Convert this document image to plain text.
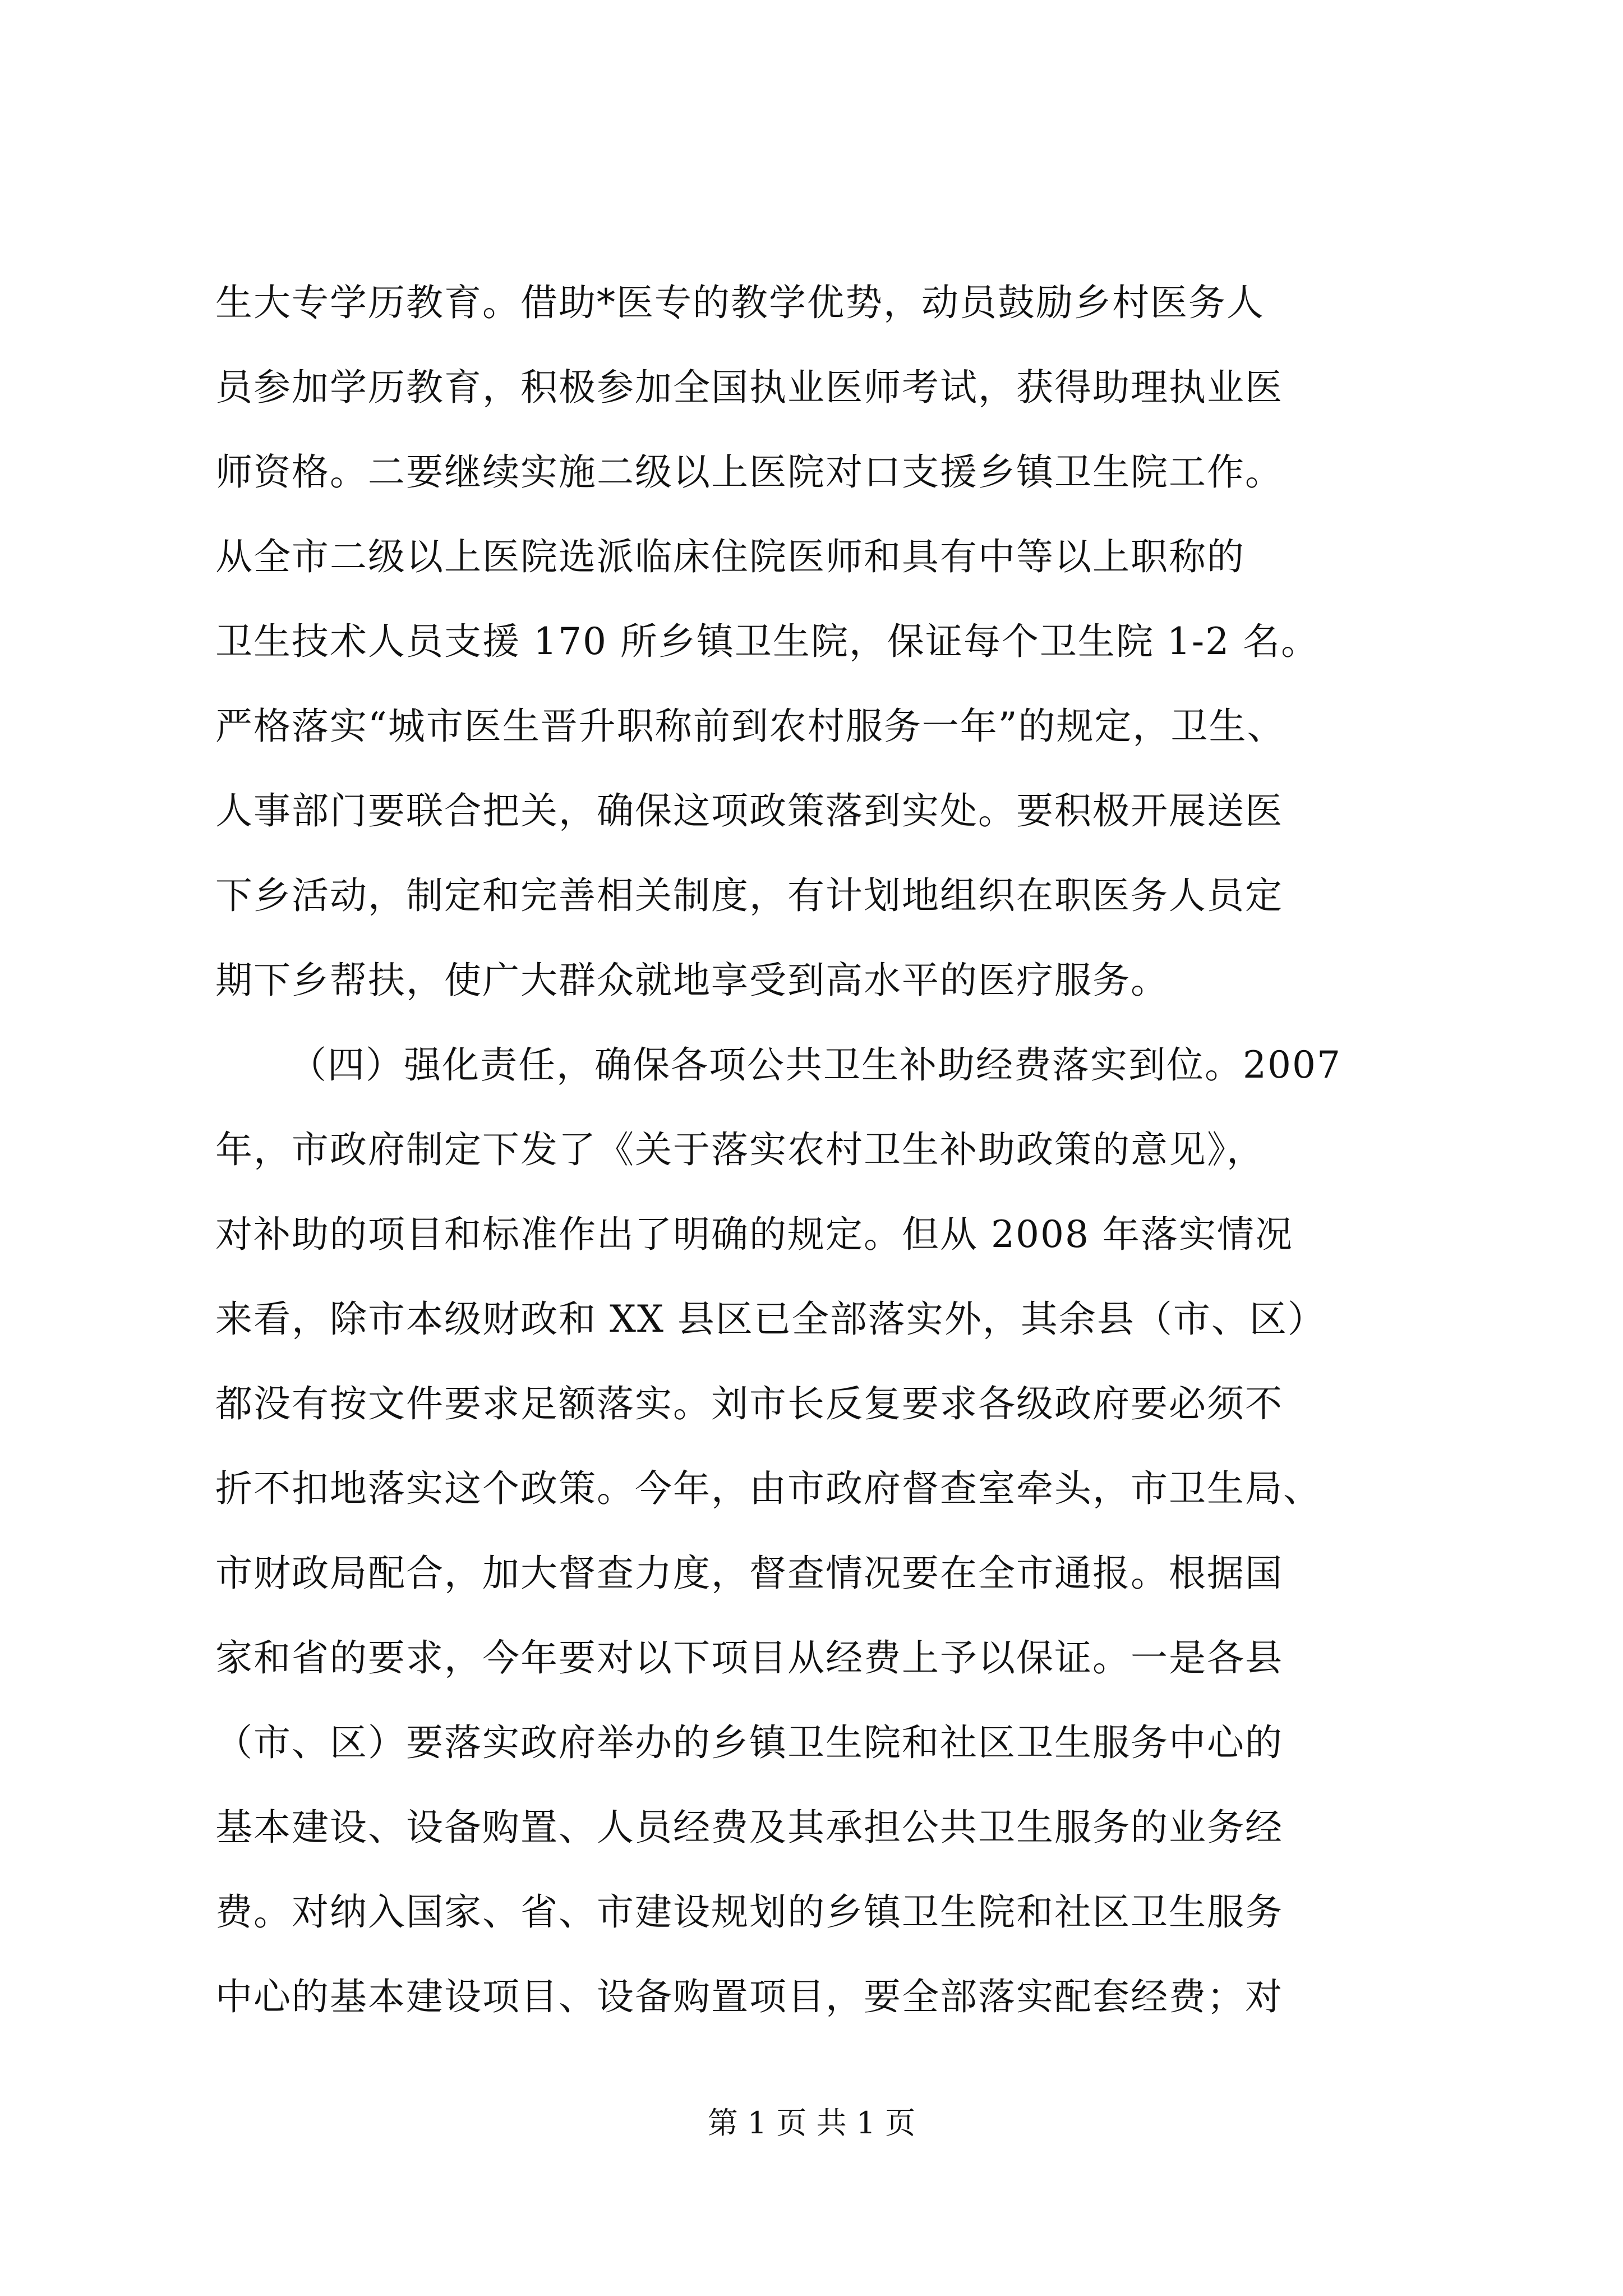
生大专学历教育。借助*医专的教学优势，动员鼓励乡村医务人
员参加学历教育，积极参加全国执业医师考试，获得助理执业医
师资格。二要继续实施二级以上医院对口支援乡镇卫生院工作。
从全市二级以上医院选派临床住院医师和具有中等以上职称的
卫生技术人员支援 170 所乡镇卫生院，保证每个卫生院 1-2 名。
严格落实“城市医生晋升职称前到农村服务一年”的规定，卫生、
人事部门要联合把关，确保这项政策落到实处。要积极开展送医
下乡活动，制定和完善相关制度，有计划地组织在职医务人员定
期下乡帮扶，使广大群众就地享受到高水平的医疗服务。
（四）强化责任，确保各项公共卫生补助经费落实到位。2007
年，市政府制定下发了《关于落实农村卫生补助政策的意见》，
对补助的项目和标准作出了明确的规定。但从 2008 年落实情况
来看，除市本级财政和 XX 县区已全部落实外，其余县（市、区）
都没有按文件要求足额落实。刘市长反复要求各级政府要必须不
折不扣地落实这个政策。今年，由市政府督查室牵头，市卫生局、
市财政局配合，加大督查力度，督查情况要在全市通报。根据国
家和省的要求，今年要对以下项目从经费上予以保证。一是各县
（市、区）要落实政府举办的乡镇卫生院和社区卫生服务中心的
基本建设、设备购置、人员经费及其承担公共卫生服务的业务经
费。对纳入国家、省、市建设规划的乡镇卫生院和社区卫生服务
中心的基本建设项目、设备购置项目，要全部落实配套经费；对
第 1 页 共 1 页
